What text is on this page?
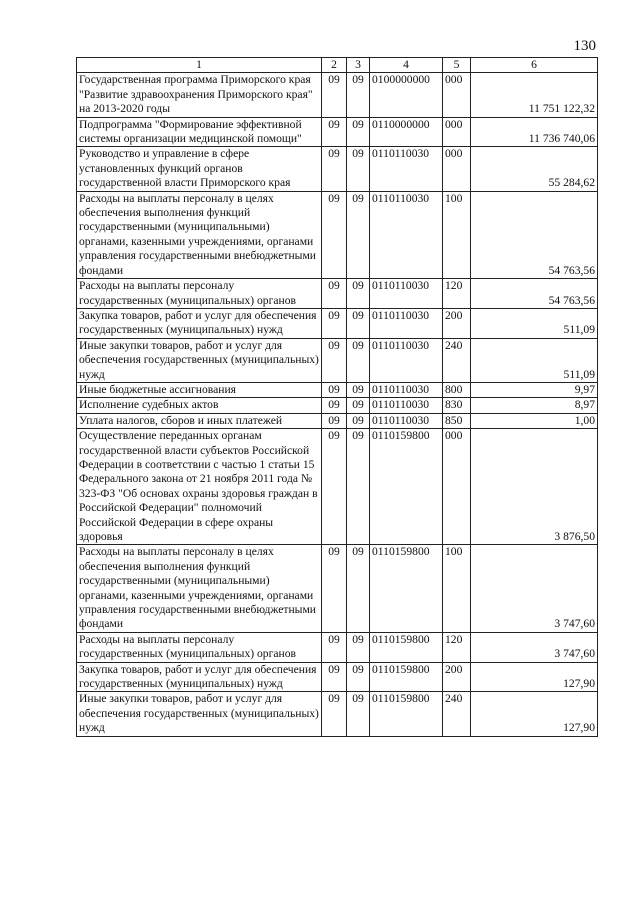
130
1	2	3	4	5	6
Государственная программа Приморского края "Развитие здравоохранения Приморского края" на 2013-2020 годы	09	09	0100000000	000	11 751 122,32
Подпрограмма "Формирование эффективной системы организации медицинской помощи"	09	09	0110000000	000	11 736 740,06
Руководство и управление в сфере установленных функций органов государственной власти Приморского края	09	09	0110110030	000	55 284,62
Расходы на выплаты персоналу в целях обеспечения выполнения функций государственными (муниципальными) органами, казенными учреждениями, органами управления государственными внебюджетными фондами	09	09	0110110030	100	54 763,56
Расходы на выплаты персоналу государственных (муниципальных) органов	09	09	0110110030	120	54 763,56
Закупка товаров, работ и услуг для обеспечения государственных (муниципальных) нужд	09	09	0110110030	200	511,09
Иные закупки товаров, работ и услуг для обеспечения государственных (муниципальных) нужд	09	09	0110110030	240	511,09
Иные бюджетные ассигнования	09	09	0110110030	800	9,97
Исполнение судебных актов	09	09	0110110030	830	8,97
Уплата налогов, сборов и иных платежей	09	09	0110110030	850	1,00
Осуществление переданных органам государственной власти субъектов Российской Федерации в соответствии с частью 1 статьи 15 Федерального закона от 21 ноября 2011 года № 323-ФЗ "Об основах охраны здоровья граждан в Российской Федерации" полномочий Российской Федерации в сфере охраны здоровья	09	09	0110159800	000	3 876,50
Расходы на выплаты персоналу в целях обеспечения выполнения функций государственными (муниципальными) органами, казенными учреждениями, органами управления государственными внебюджетными фондами	09	09	0110159800	100	3 747,60
Расходы на выплаты персоналу государственных (муниципальных) органов	09	09	0110159800	120	3 747,60
Закупка товаров, работ и услуг для обеспечения государственных (муниципальных) нужд	09	09	0110159800	200	127,90
Иные закупки товаров, работ и услуг для обеспечения государственных (муниципальных) нужд	09	09	0110159800	240	127,90
